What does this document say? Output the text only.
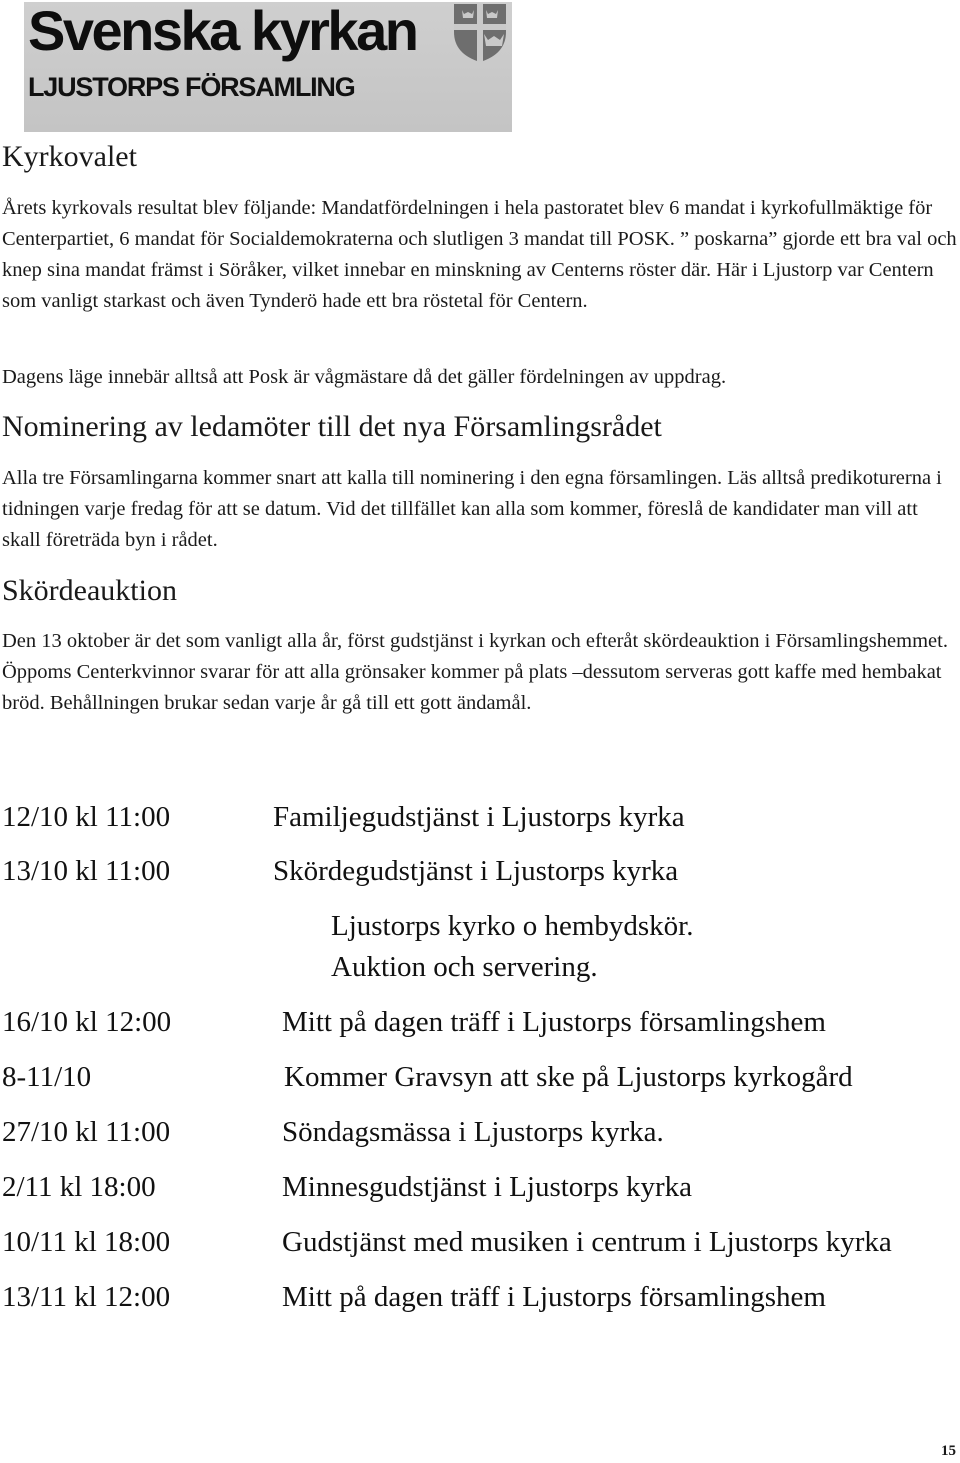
Svenska kyrkan
LJUSTORPS FÖRSAMLING
Kyrkovalet

Årets kyrkovals resultat blev följande: Mandatfördelningen i hela pastoratet blev 6 mandat i kyrkofullmäktige för Centerpartiet, 6 mandat för Socialdemokraterna och slutligen 3 mandat till POSK. ” poskarna” gjorde ett bra val och knep sina mandat främst i Söråker, vilket innebar en minskning av Centerns röster där. Här i Ljustorp var Centern som vanligt starkast och även Tynderö hade ett bra röstetal för Centern.

Dagens läge innebär alltså att Posk är vågmästare då det gäller fördelningen av uppdrag.

Nominering av ledamöter till det nya Församlingsrådet

Alla tre Församlingarna kommer snart att kalla till nominering i den egna församlingen. Läs alltså predikoturerna i tidningen varje fredag för att se datum. Vid det tillfället kan alla som kommer, föreslå de kandidater man vill att skall företräda byn i rådet.

Skördeauktion

Den 13 oktober är det som vanligt alla år, först gudstjänst i kyrkan och efteråt skördeauktion i Församlingshemmet. Öppoms Centerkvinnor svarar för att alla grönsaker kommer på plats –dessutom serveras gott kaffe med hembakat bröd. Behållningen brukar sedan varje år gå till ett gott ändamål.

12/10 kl 11:00	Familjegudstjänst i Ljustorps kyrka
13/10 kl 11:00	Skördegudstjänst i Ljustorps kyrka
Ljustorps kyrko o hembydskör.
Auktion och servering.
16/10 kl 12:00	Mitt på dagen träff i Ljustorps församlingshem
8-11/10	Kommer Gravsyn att ske på Ljustorps kyrkogård
27/10 kl 11:00	Söndagsmässa i Ljustorps kyrka.
2/11 kl 18:00	Minnesgudstjänst i Ljustorps kyrka
10/11 kl 18:00	Gudstjänst med musiken i centrum i Ljustorps kyrka
13/11 kl 12:00	Mitt på dagen träff i Ljustorps församlingshem
15
